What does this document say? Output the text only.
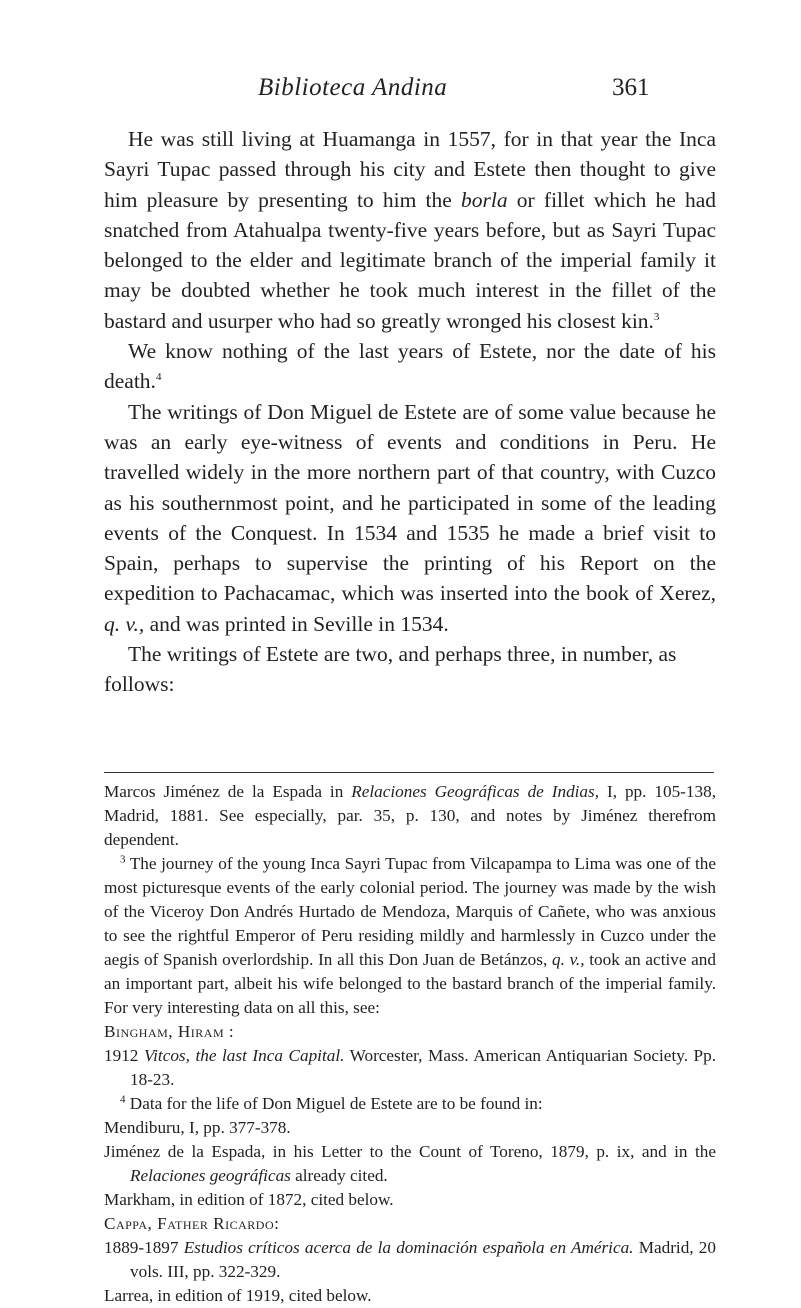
Biblioteca Andina	361

He was still living at Huamanga in 1557, for in that year the Inca Sayri Tupac passed through his city and Estete then thought to give him pleasure by presenting to him the borla or fillet which he had snatched from Atahualpa twenty-five years before, but as Sayri Tupac belonged to the elder and legitimate branch of the imperial family it may be doubted whether he took much interest in the fillet of the bastard and usurper who had so greatly wronged his closest kin.$^3$

We know nothing of the last years of Estete, nor the date of his death.$^4$

The writings of Don Miguel de Estete are of some value because he was an early eye-witness of events and conditions in Peru. He travelled widely in the more northern part of that country, with Cuzco as his southernmost point, and he participated in some of the leading events of the Conquest. In 1534 and 1535 he made a brief visit to Spain, perhaps to supervise the printing of his Report on the expedition to Pachacamac, which was inserted into the book of Xerez, q. v., and was printed in Seville in 1534.

The writings of Estete are two, and perhaps three, in number, as follows:

Marcos Jiménez de la Espada in Relaciones Geográficas de Indias, I, pp. 105-138, Madrid, 1881. See especially, par. 35, p. 130, and notes by Jiménez therefrom dependent.

$^3$ The journey of the young Inca Sayri Tupac from Vilcapampa to Lima was one of the most picturesque events of the early colonial period. The journey was made by the wish of the Viceroy Don Andrés Hurtado de Mendoza, Marquis of Cañete, who was anxious to see the rightful Emperor of Peru residing mildly and harmlessly in Cuzco under the aegis of Spanish overlordship. In all this Don Juan de Betánzos, q. v., took an active and an important part, albeit his wife belonged to the bastard branch of the imperial family. For very interesting data on all this, see:

Bingham, Hiram :

1912 Vitcos, the last Inca Capital. Worcester, Mass. American Antiquarian Society. Pp. 18-23.

$^4$ Data for the life of Don Miguel de Estete are to be found in:

Mendiburu, I, pp. 377-378.

Jiménez de la Espada, in his Letter to the Count of Toreno, 1879, p. ix, and in the Relaciones geográficas already cited.

Markham, in edition of 1872, cited below.

Cappa, Father Ricardo:

1889-1897 Estudios críticos acerca de la dominación española en América. Madrid, 20 vols. III, pp. 322-329.

Larrea, in edition of 1919, cited below.
